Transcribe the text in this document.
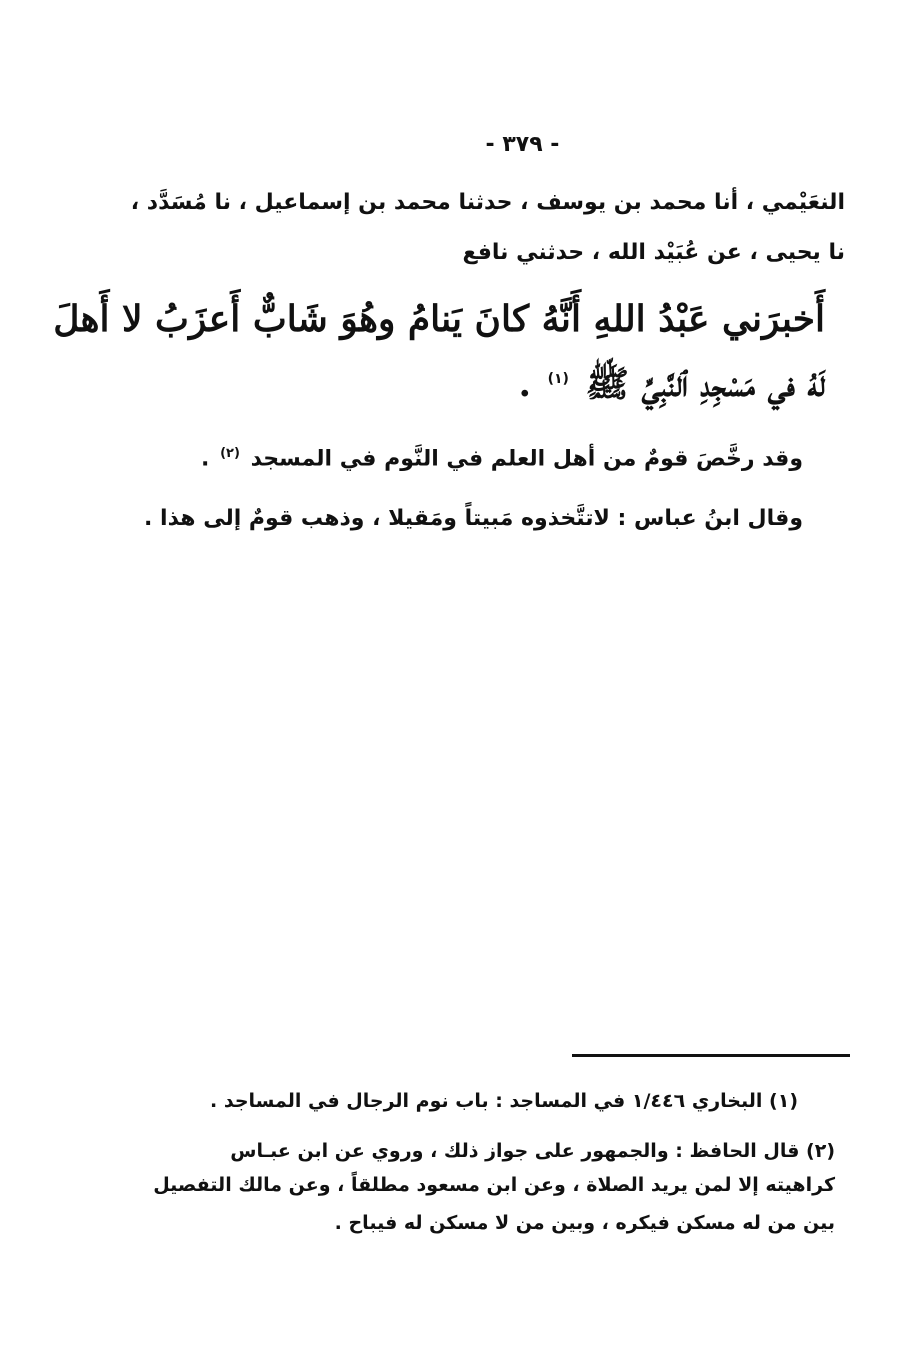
- ٣٧٩ -
النعَيْمي ، أنا محمد بن يوسف ، حدثنا محمد بن إسماعيل ، نا مُسَدَّد ،
نا يحيى ، عن عُبَيْد الله ، حدثني نافع
أَخبرَني عَبْدُ اللهِ أَنَّهُ كانَ يَنامُ وهُوَ شَابٌّ أَعزَبُ لا أَهلَ
لَهُ في مَسْجِدِ ٱلنَّبِيِّ ﷺ $^{(١)}$ .
وقد رخَّصَ قومٌ من أهل العلم في النَّوم في المسجد $^{(٢)}$ .
وقال ابنُ عباس : لاتتَّخذوه مَبيتاً ومَقيلا ، وذهب قومٌ إلى هذا .
(١) البخاري ١/٤٤٦ في المساجد : باب نوم الرجال في المساجد .
(٢) قال الحافظ : والجمهور على جواز ذلك ، وروي عن ابن عبـاس
كراهيته إلا لمن يريد الصلاة ، وعن ابن مسعود مطلقاً ، وعن مالك التفصيل
بين من له مسكن فيكره ، وبين من لا مسكن له فيباح .
